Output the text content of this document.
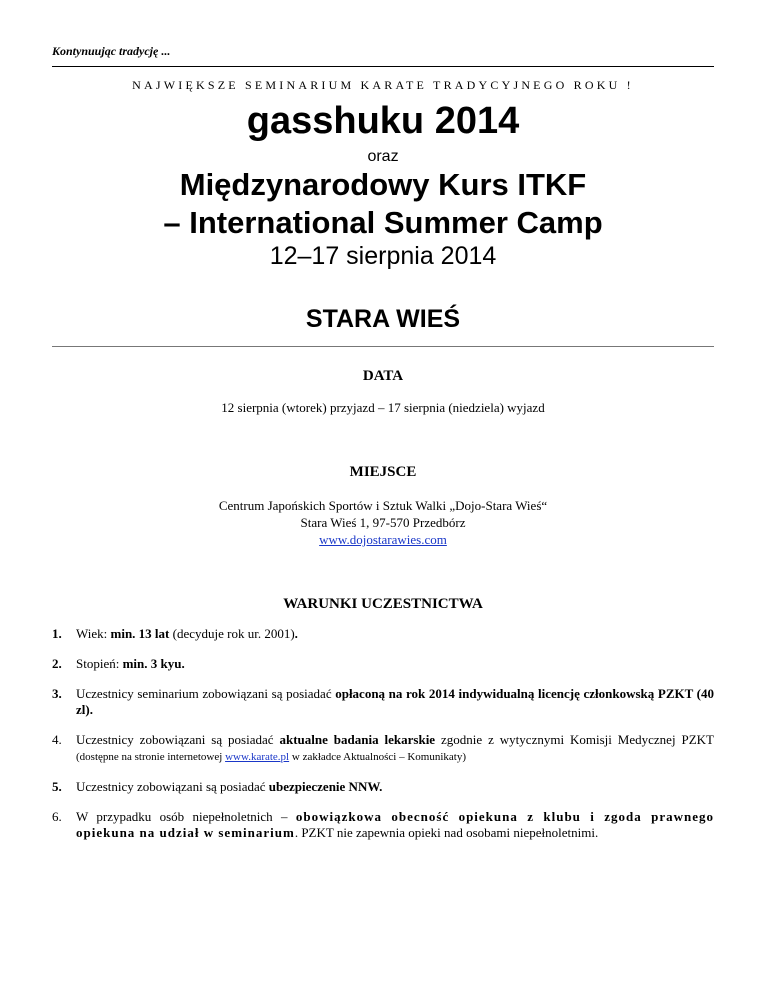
Kontynuując tradycję ...
NAJWIĘKSZE SEMINARIUM KARATE TRADYCYJNEGO ROKU !
gasshuku 2014
oraz
Międzynarodowy Kurs ITKF
– International Summer Camp
12–17 sierpnia 2014
STARA WIEŚ
DATA
12 sierpnia (wtorek) przyjazd – 17 sierpnia (niedziela) wyjazd
MIEJSCE
Centrum Japońskich Sportów i Sztuk Walki „Dojo-Stara Wieś“
Stara Wieś 1, 97-570 Przedbórz
www.dojostarawies.com
WARUNKI UCZESTNICTWA
1. Wiek: min. 13 lat (decyduje rok ur. 2001).
2. Stopień: min. 3 kyu.
3. Uczestnicy seminarium zobowiązani są posiadać opłaconą na rok 2014 indywidualną licencję członkowską PZKT (40 zl).
4. Uczestnicy zobowiązani są posiadać aktualne badania lekarskie zgodnie z wytycznymi Komisji Medycznej PZKT (dostępne na stronie internetowej www.karate.pl w zakładce Aktualności – Komunikaty)
5. Uczestnicy zobowiązani są posiadać ubezpieczenie NNW.
6. W przypadku osób niepełnoletnich – obowiązkowa obecność opiekuna z klubu i zgoda prawnego opiekuna na udział w seminarium. PZKT nie zapewnia opieki nad osobami niepełnoletnimi.
